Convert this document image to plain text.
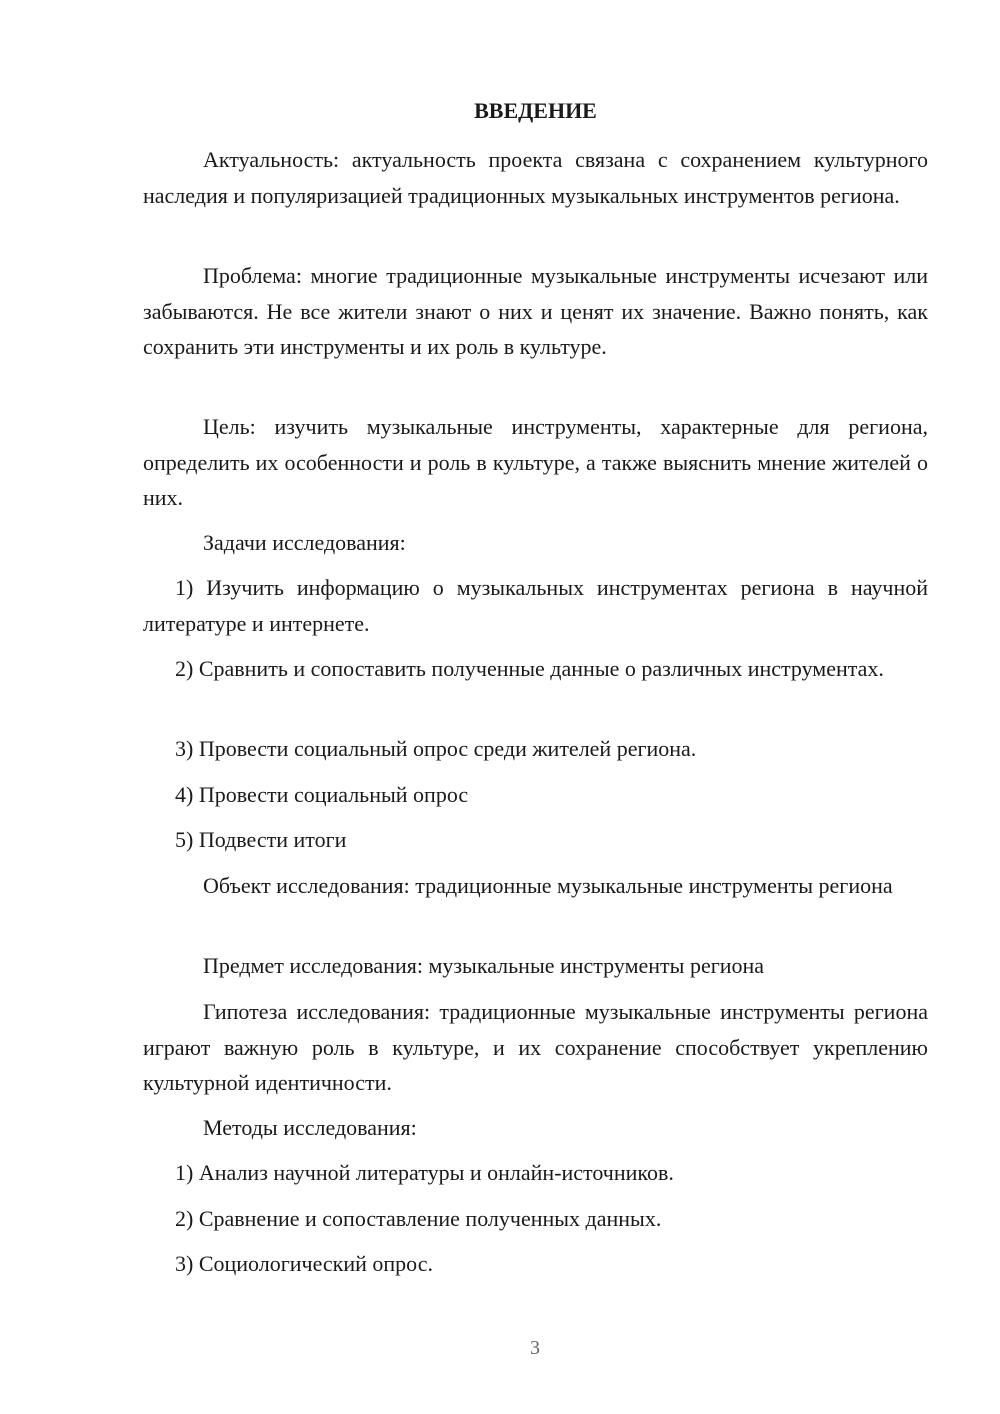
ВВЕДЕНИЕ

Актуальность: актуальность проекта связана с сохранением культурного наследия и популяризацией традиционных музыкальных инструментов региона.

Проблема: многие традиционные музыкальные инструменты исчезают или забываются. Не все жители знают о них и ценят их значение. Важно понять, как сохранить эти инструменты и их роль в культуре.

Цель: изучить музыкальные инструменты, характерные для региона, определить их особенности и роль в культуре, а также выяснить мнение жителей о них.

Задачи исследования:

1) Изучить информацию о музыкальных инструментах региона в научной литературе и интернете.

2) Сравнить и сопоставить полученные данные о различных инструментах.

3) Провести социальный опрос среди жителей региона.

4) Провести социальный опрос

5) Подвести итоги

Объект исследования: традиционные музыкальные инструменты региона

Предмет исследования: музыкальные инструменты региона

Гипотеза исследования: традиционные музыкальные инструменты региона играют важную роль в культуре, и их сохранение способствует укреплению культурной идентичности.

Методы исследования:

1) Анализ научной литературы и онлайн-источников.

2) Сравнение и сопоставление полученных данных.

3) Социологический опрос.

3
